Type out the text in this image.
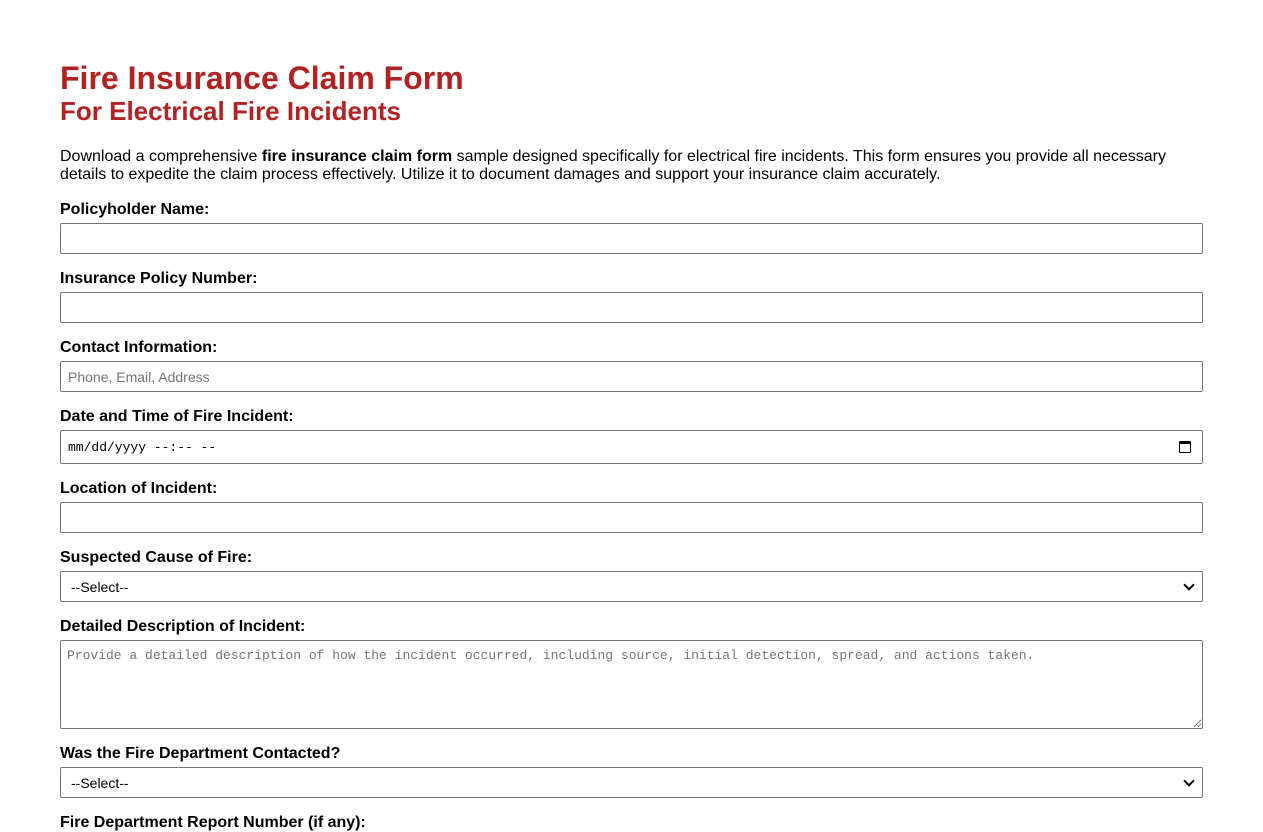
Fire Insurance Claim Form
For Electrical Fire Incidents

Download a comprehensive fire insurance claim form sample designed specifically for electrical fire incidents. This form ensures you provide all necessary details to expedite the claim process effectively. Utilize it to document damages and support your insurance claim accurately.

Policyholder Name:
Insurance Policy Number:
Contact Information:
Phone, Email, Address
Date and Time of Fire Incident:
mm/dd/yyyy --:-- --
Location of Incident:
Suspected Cause of Fire:
--Select--
Detailed Description of Incident:
Provide a detailed description of how the incident occurred, including source, initial detection, spread, and actions taken.
Was the Fire Department Contacted?
--Select--
Fire Department Report Number (if any):
